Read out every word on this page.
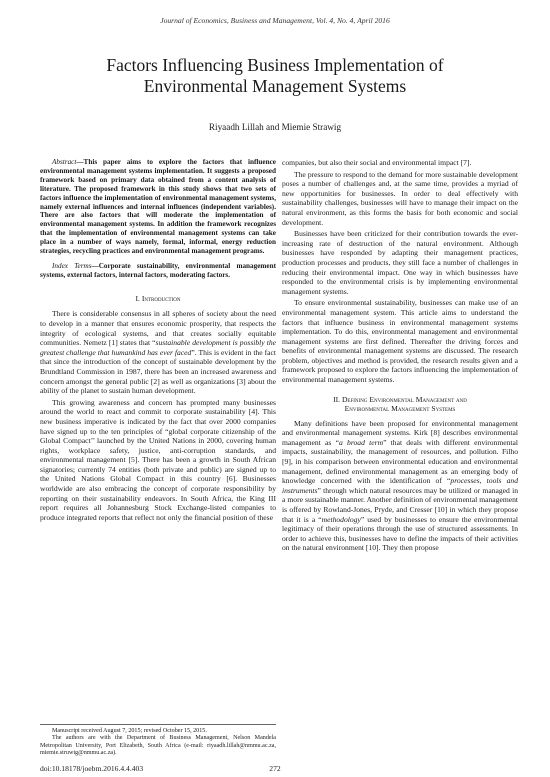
Journal of Economics, Business and Management, Vol. 4, No. 4, April 2016
Factors Influencing Business Implementation of
Environmental Management Systems
Riyaadh Lillah and Miemie Strawig

Abstract—This paper aims to explore the factors that influence environmental management systems implementation. It suggests a proposed framework based on primary data obtained from a content analysis of literature. The proposed framework in this study shows that two sets of factors influence the implementation of environmental management systems, namely external influences and internal influences (independent variables). There are also factors that will moderate the implementation of environmental management systems. In addition the framework recognizes that the implementation of environmental management systems can take place in a number of ways namely, formal, informal, energy reduction strategies, recycling practices and environmental management programs.

Index Terms—Corporate sustainability, environmental management systems, external factors, internal factors, moderating factors.

I. Introduction

There is considerable consensus in all spheres of society about the need to develop in a manner that ensures economic prosperity, that respects the integrity of ecological systems, and that creates socially equitable communities. Nemetz [1] states that “sustainable development is possibly the greatest challenge that humankind has ever faced”. This is evident in the fact that since the introduction of the concept of sustainable development by the Brundtland Commission in 1987, there has been an increased awareness and concern amongst the general public [2] as well as organizations [3] about the ability of the planet to sustain human development.

This growing awareness and concern has prompted many businesses around the world to react and commit to corporate sustainability [4]. This new business imperative is indicated by the fact that over 2000 companies have signed up to the ten principles of “global corporate citizenship of the Global Compact’’ launched by the United Nations in 2000, covering human rights, workplace safety, justice, anti-corruption standards, and environmental management [5]. There has been a growth in South African signatories; currently 74 entities (both private and public) are signed up to the United Nations Global Compact in this country [6]. Businesses worldwide are also embracing the concept of corporate responsibility by reporting on their sustainability endeavors. In South Africa, the King III report requires all Johannesburg Stock Exchange-listed companies to produce integrated reports that reflect not only the financial position of these

companies, but also their social and environmental impact [7].

The pressure to respond to the demand for more sustainable development poses a number of challenges and, at the same time, provides a myriad of new opportunities for businesses. In order to deal effectively with sustainability challenges, businesses will have to manage their impact on the natural environment, as this forms the basis for both economic and social development.

Businesses have been criticized for their contribution towards the ever-increasing rate of destruction of the natural environment. Although businesses have responded by adapting their management practices, production processes and products, they still face a number of challenges in reducing their environmental impact. One way in which businesses have responded to the environmental crisis is by implementing environmental management systems.

To ensure environmental sustainability, businesses can make use of an environmental management system. This article aims to understand the factors that influence business in environmental management systems implementation. To do this, environmental management and environmental management systems are first defined. Thereafter the driving forces and benefits of environmental management systems are discussed. The research problem, objectives and method is provided, the research results given and a framework proposed to explore the factors influencing the implementation of environmental management systems.

II. Defining Environmental Management and
Environmental Management Systems

Many definitions have been proposed for environmental management and environmental management systems. Kirk [8] describes environmental management as “a broad term” that deals with different environmental impacts, sustainability, the management of resources, and pollution. Filho [9], in his comparison between environmental education and environmental management, defined environmental management as an emerging body of knowledge concerned with the identification of “processes, tools and instruments” through which natural resources may be utilized or managed in a more sustainable manner. Another definition of environmental management is offered by Rowland-Jones, Pryde, and Cresser [10] in which they propose that it is a “methodology” used by businesses to ensure the environmental legitimacy of their operations through the use of structured assessments. In order to achieve this, businesses have to define the impacts of their activities on the natural environment [10]. They then propose

Manuscript received August 7, 2015; revised October 15, 2015.

The authors are with the Department of Business Management, Nelson Mandela Metropolitan University, Port Elizabeth, South Africa (e-mail: riyaadh.lillah@nmmu.ac.za, miemie.struwig@nmmu.ac.za).

doi:10.18178/joebm.2016.4.4.403	272
